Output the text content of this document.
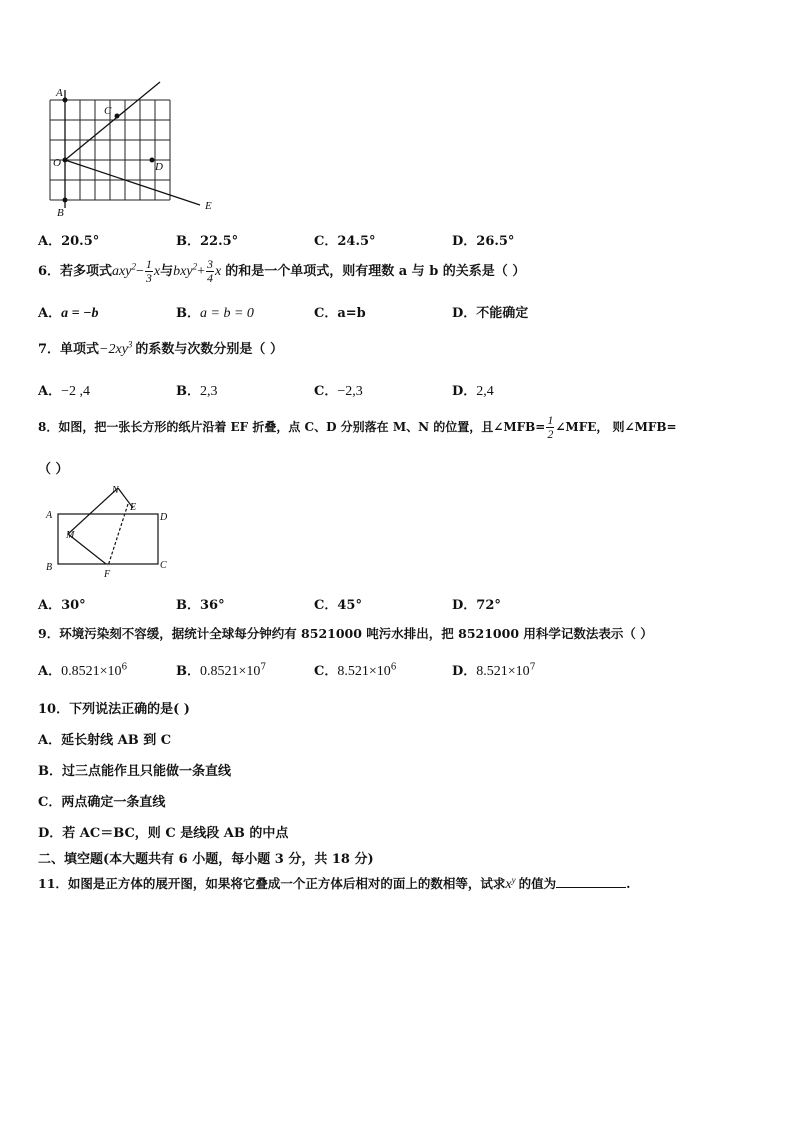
A
C
O	D
B
E
A．20.5°	B．22.5°	C．24.5°	D．26.5°
6．若多项式$axy^2- \frac{1}{3}$ x与$bxy^2+ \frac{3}{4}$ x 的和是一个单项式，则有理数 a 与 b 的关系是（ ）
A．a = −b	B．a = b = 0	C．a=b	D．不能确定
7．单项式$-2xy^3$ 的系数与次数分别是（ ）
A．−2 ,4	B．2,3	C．−2,3	D．2,4
8．如图，把一张长方形的纸片沿着 EF 折叠，点 C、D 分别落在 M、N 的位置，且∠MFB= $\frac{1}{2}$ ∠MFE， 则∠MFB=
（ ）
N
E
A	D
M
B
F
C
A．30°	B．36°	C．45°	D．72°
9．环境污染刻不容缓，据统计全球每分钟约有 8521000 吨污水排出，把 8521000 用科学记数法表示（ ）
A．$0.8521\times 10^6$	B．$0.8521\times 10^7$	C．$8.521\times 10^6$	D．$8.521\times 10^7$
10．下列说法正确的是( )
A．延长射线 AB 到 C
B．过三点能作且只能做一条直线
C．两点确定一条直线
D．若 AC＝BC，则 C 是线段 AB 的中点
二、填空题(本大题共有 6 小题，每小题 3 分，共 18 分)
11．如图是正方体的展开图，如果将它叠成一个正方体后相对的面上的数相等，试求$x^y$ 的值为	.
